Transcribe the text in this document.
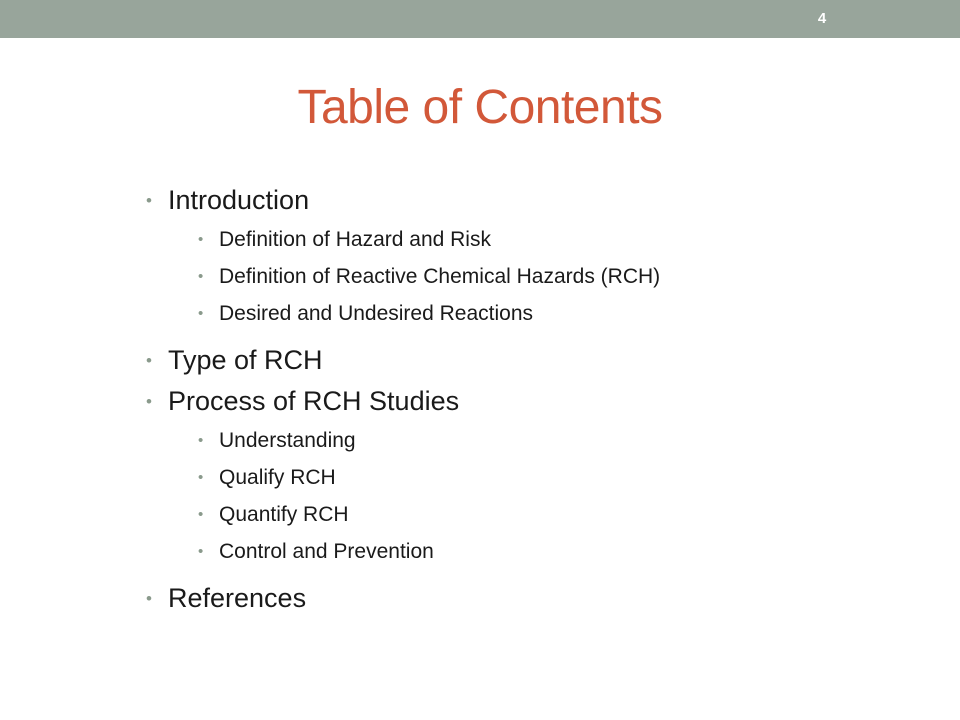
4
Table of Contents
• Introduction
• Definition of Hazard and Risk
• Definition of Reactive Chemical Hazards (RCH)
• Desired and Undesired Reactions
• Type of RCH
• Process of RCH Studies
• Understanding
• Qualify RCH
• Quantify RCH
• Control and Prevention
• References
